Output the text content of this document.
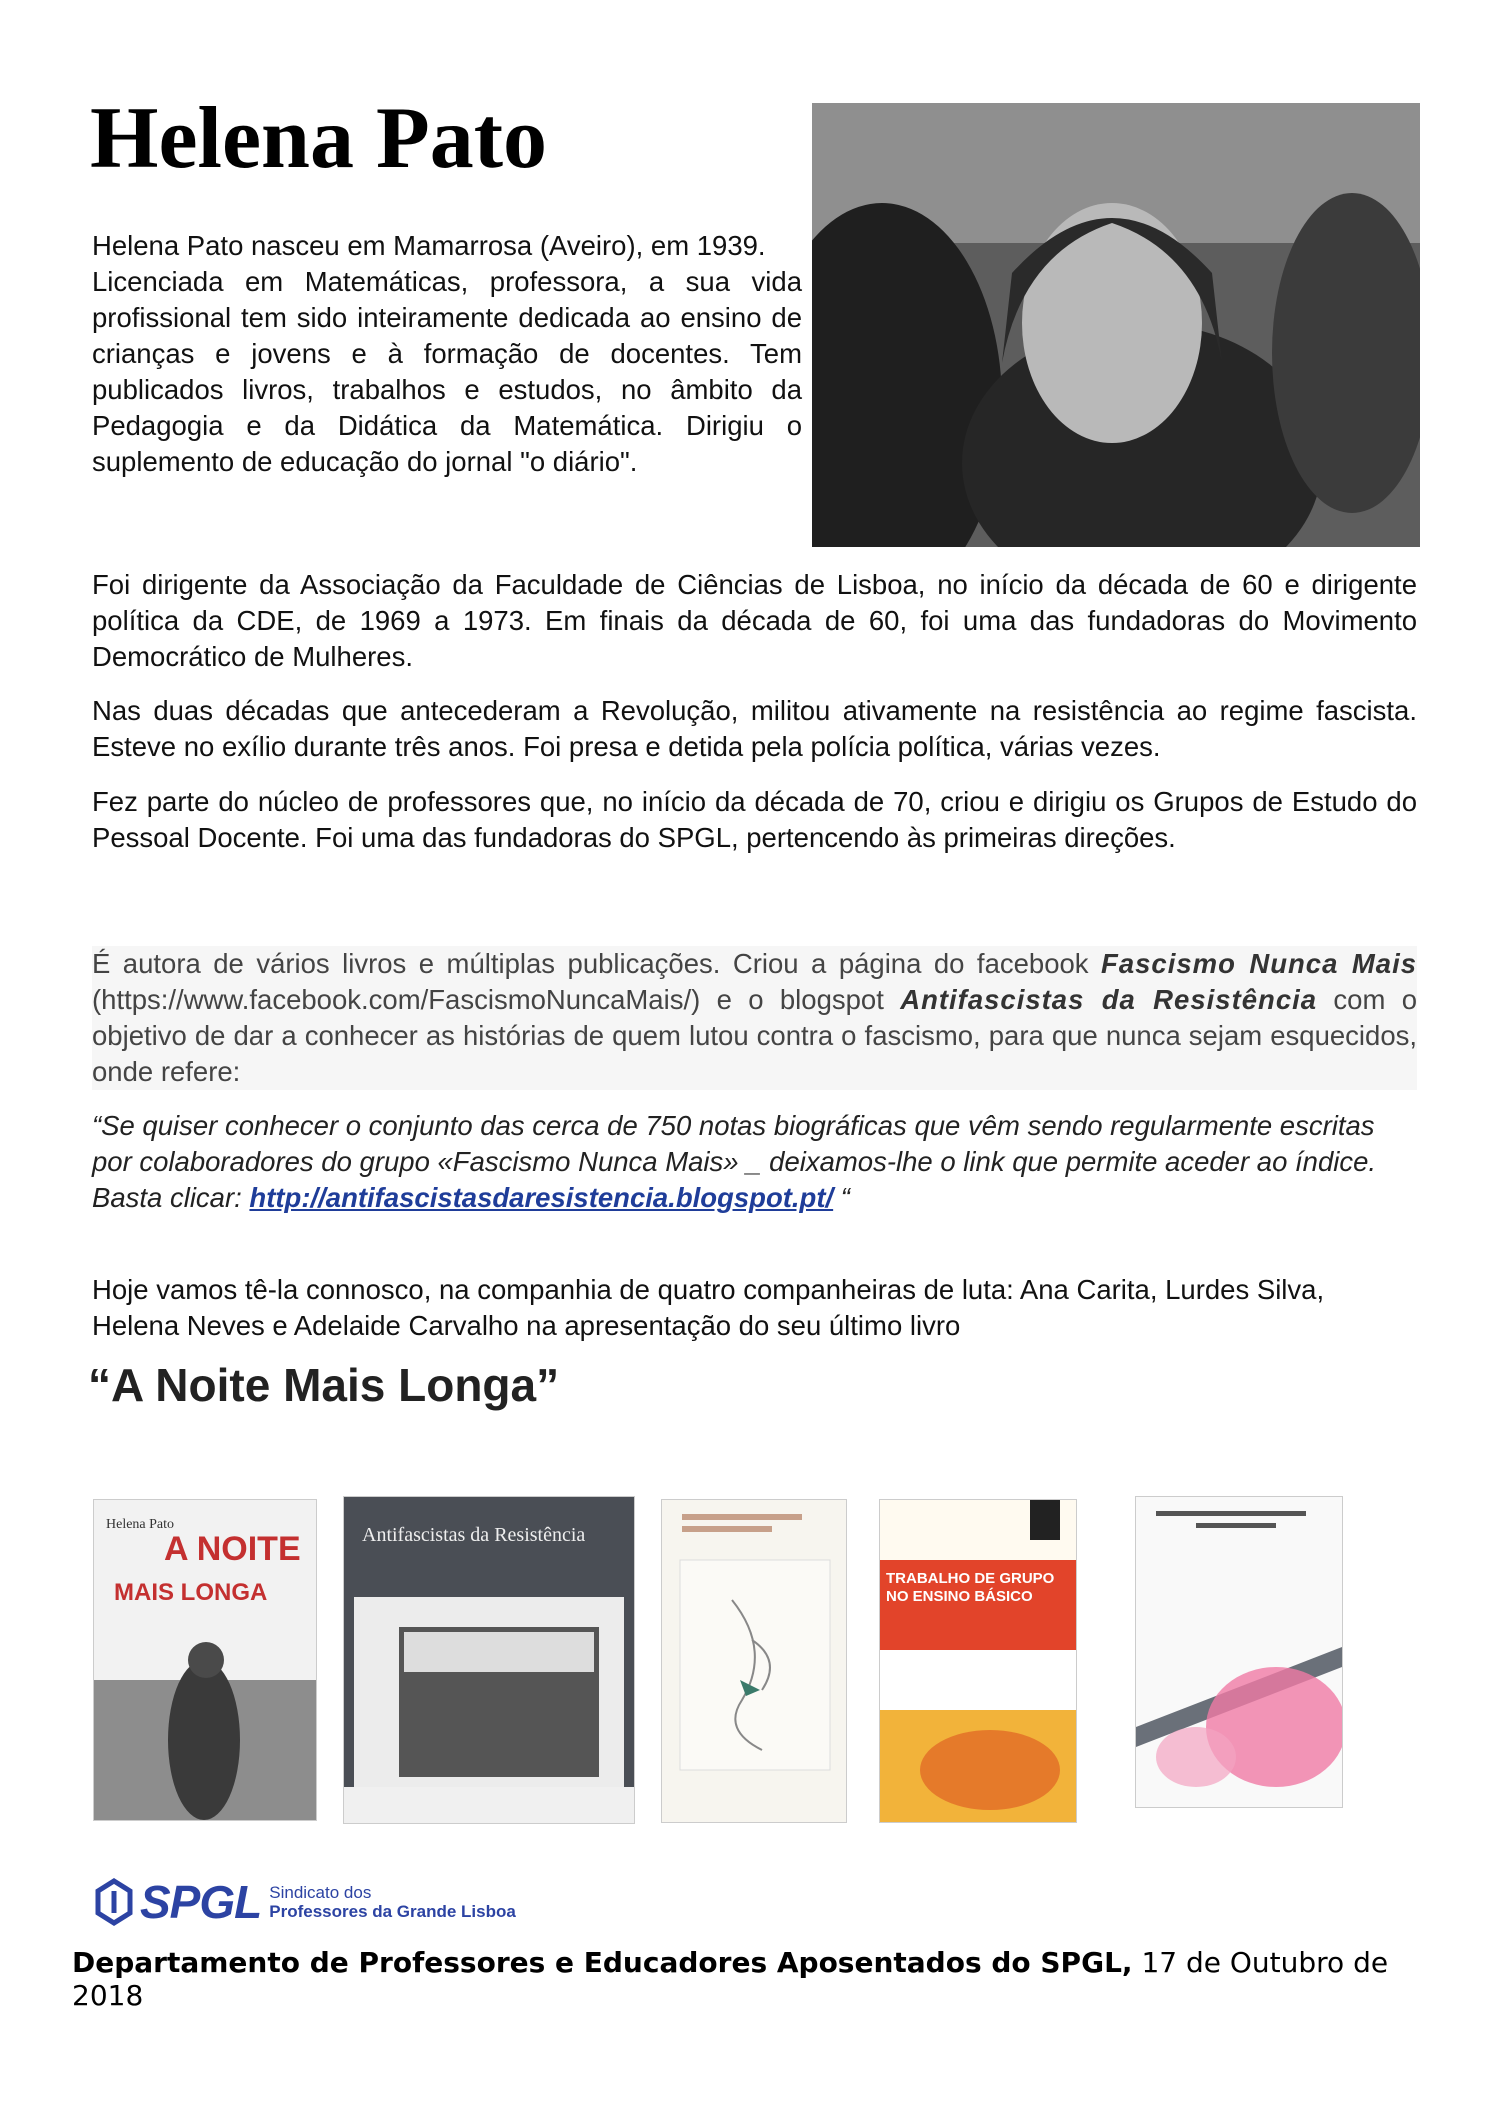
Helena Pato

Helena Pato nasceu em Mamarrosa (Aveiro), em 1939.

Licenciada em Matemáticas, professora, a sua vida profissional tem sido inteiramente dedicada ao ensino de crianças e jovens e à formação de docentes. Tem publicados livros, trabalhos e estudos, no âmbito da Pedagogia e da Didática da Matemática. Dirigiu o suplemento de educação do jornal "o diário".

Foi dirigente da Associação da Faculdade de Ciências de Lisboa, no início da década de 60 e dirigente política da CDE, de 1969 a 1973. Em finais da década de 60, foi uma das fundadoras do Movimento Democrático de Mulheres.

Nas duas décadas que antecederam a Revolução, militou ativamente na resistência ao regime fascista. Esteve no exílio durante três anos. Foi presa e detida pela polícia política, várias vezes.

Fez parte do núcleo de professores que, no início da década de 70, criou e dirigiu os Grupos de Estudo do Pessoal Docente. Foi uma das fundadoras do SPGL, pertencendo às primeiras direções.

É autora de vários livros e múltiplas publicações. Criou a página do facebook Fascismo Nunca Mais (https://www.facebook.com/FascismoNuncaMais/) e o blogspot Antifascistas da Resistência com o objetivo de dar a conhecer as histórias de quem lutou contra o fascismo, para que nunca sejam esquecidos, onde refere:

“Se quiser conhecer o conjunto das cerca de 750 notas biográficas que vêm sendo regularmente escritas por colaboradores do grupo «Fascismo Nunca Mais» _ deixamos-lhe o link que permite aceder ao índice. Basta clicar: http://antifascistasdaresistencia.blogspot.pt/ “

Hoje vamos tê-la connosco, na companhia de quatro companheiras de luta: Ana Carita, Lurdes Silva, Helena Neves e Adelaide Carvalho na apresentação do seu último livro

“A Noite Mais Longa”
Helena Pato
A NOITE
MAIS LONGA
Antifascistas da Resistência
TRABALHO DE GRUPO NO ENSINO BÁSICO
SPGL Sindicato dos
Professores da Grande Lisboa

Departamento de Professores e Educadores Aposentados do SPGL, 17 de Outubro de 2018
